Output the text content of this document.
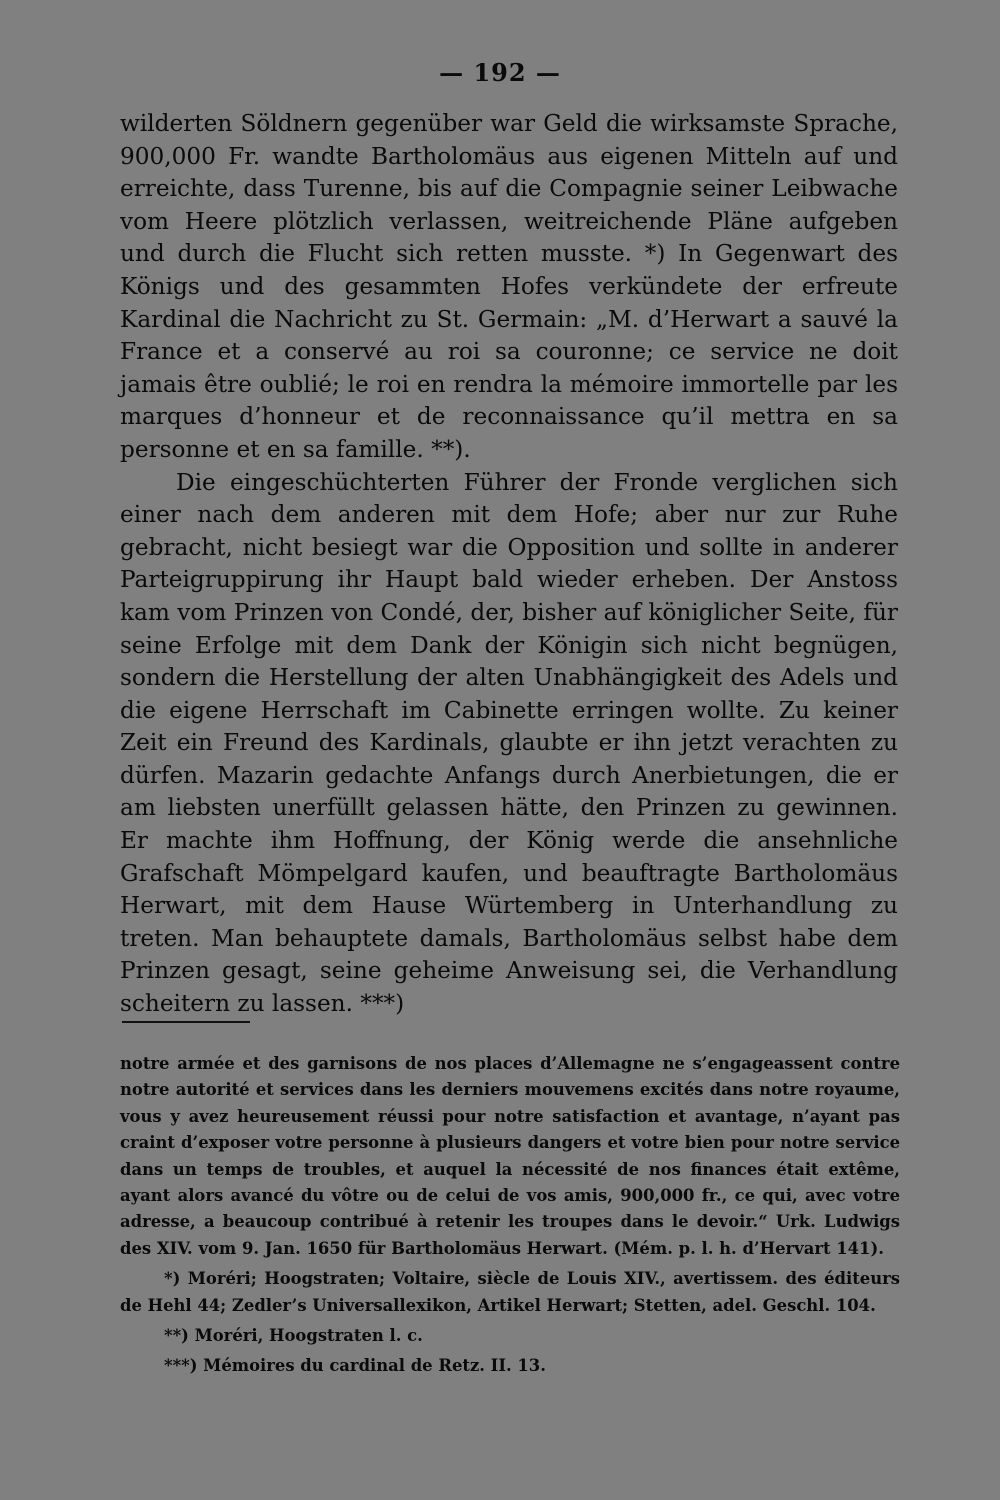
— 192 —

wilderten Söldnern gegenüber war Geld die wirksamste Sprache, 900,000 Fr. wandte Bartholomäus aus eigenen Mitteln auf und erreichte, dass Turenne, bis auf die Compagnie seiner Leibwache vom Heere plötzlich verlassen, weitreichende Pläne aufgeben und durch die Flucht sich retten musste. *) In Gegenwart des Königs und des gesammten Hofes verkündete der erfreute Kardinal die Nachricht zu St. Germain: „M. d’Herwart a sauvé la France et a conservé au roi sa couronne; ce service ne doit jamais être oublié; le roi en rendra la mémoire immortelle par les marques d’honneur et de reconnaissance qu’il mettra en sa personne et en sa famille. **).

Die eingeschüchterten Führer der Fronde verglichen sich einer nach dem anderen mit dem Hofe; aber nur zur Ruhe gebracht, nicht besiegt war die Opposition und sollte in anderer Parteigruppirung ihr Haupt bald wieder erheben. Der Anstoss kam vom Prinzen von Condé, der, bisher auf königlicher Seite, für seine Erfolge mit dem Dank der Königin sich nicht begnügen, sondern die Herstellung der alten Unabhängigkeit des Adels und die eigene Herrschaft im Cabinette erringen wollte. Zu keiner Zeit ein Freund des Kardinals, glaubte er ihn jetzt verachten zu dürfen. Mazarin gedachte Anfangs durch Anerbietungen, die er am liebsten unerfüllt gelassen hätte, den Prinzen zu gewinnen. Er machte ihm Hoffnung, der König werde die ansehnliche Grafschaft Mömpelgard kaufen, und beauftragte Bartholomäus Herwart, mit dem Hause Würtemberg in Unterhandlung zu treten. Man behauptete damals, Bartholomäus selbst habe dem Prinzen gesagt, seine geheime Anweisung sei, die Verhandlung scheitern zu lassen. ***)

notre armée et des garnisons de nos places d’Allemagne ne s’engageassent contre notre autorité et services dans les derniers mouvemens excités dans notre royaume, vous y avez heureusement réussi pour notre satisfaction et avantage, n’ayant pas craint d’exposer votre personne à plusieurs dangers et votre bien pour notre service dans un temps de troubles, et auquel la nécessité de nos finances était extême, ayant alors avancé du vôtre ou de celui de vos amis, 900,000 fr., ce qui, avec votre adresse, a beaucoup contribué à retenir les troupes dans le devoir.“ Urk. Ludwigs des XIV. vom 9. Jan. 1650 für Bartholomäus Herwart. (Mém. p. l. h. d’Hervart 141).

*) Moréri; Hoogstraten; Voltaire, siècle de Louis XIV., avertissem. des éditeurs de Hehl 44; Zedler’s Universallexikon, Artikel Herwart; Stetten, adel. Geschl. 104.

**) Moréri, Hoogstraten l. c.

***) Mémoires du cardinal de Retz. II. 13.
